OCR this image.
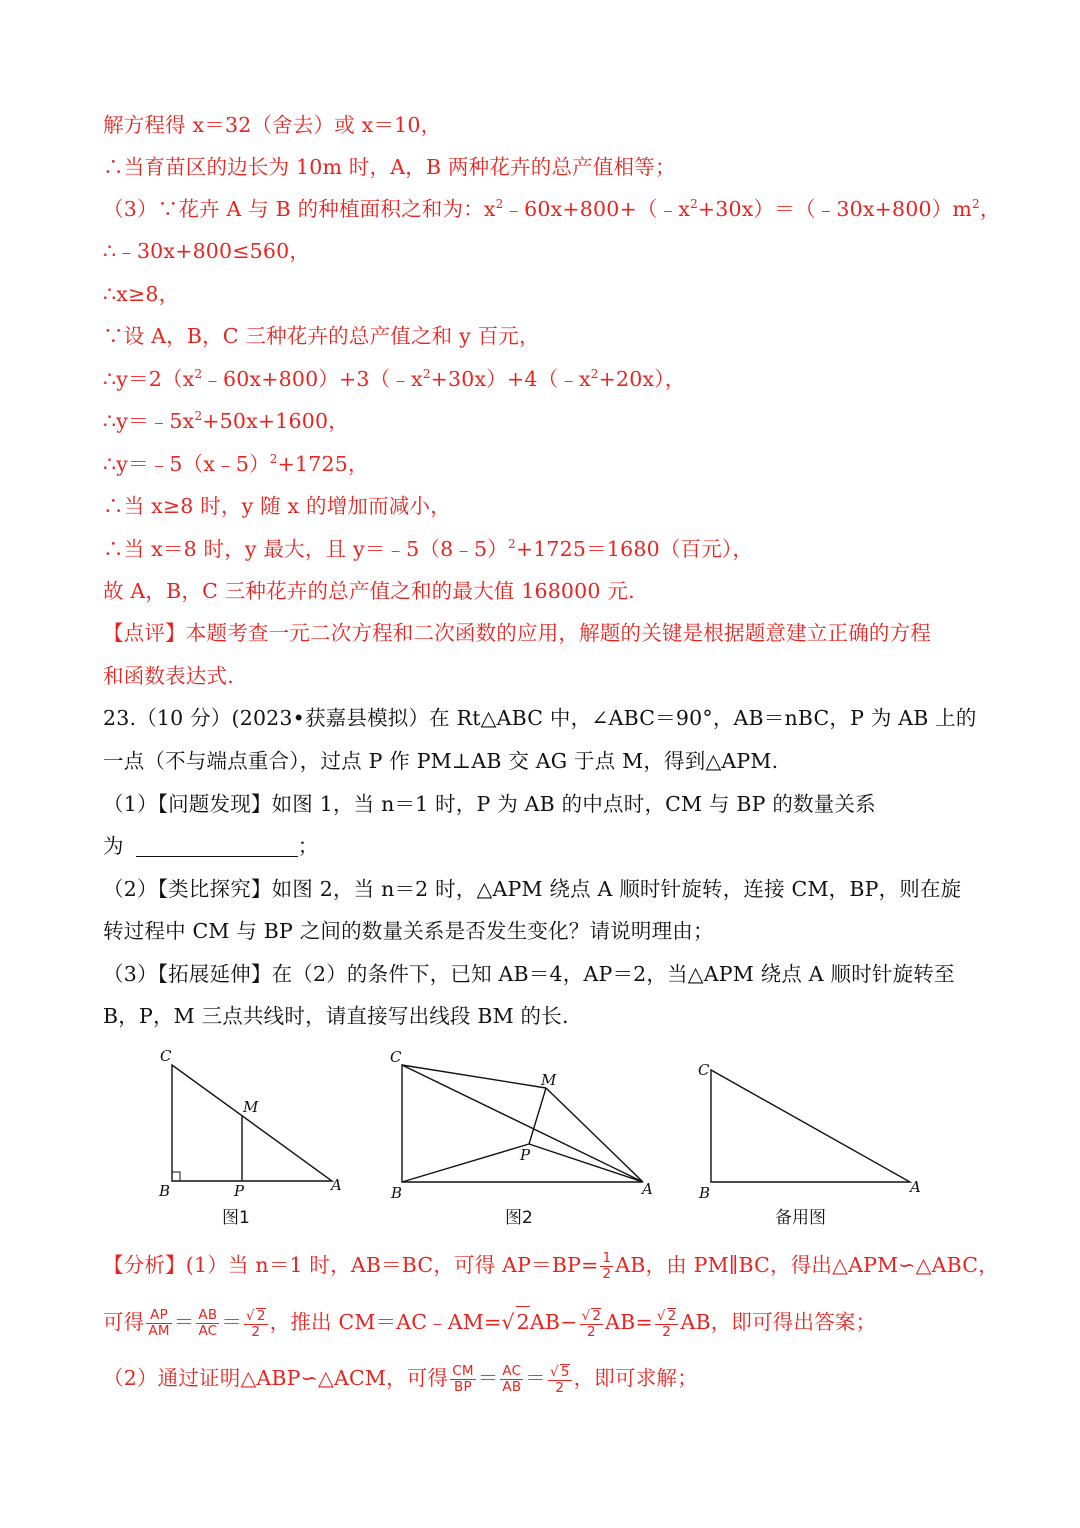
解方程得 x＝32（舍去）或 x＝10，
∴当育苗区的边长为 10m 时，A，B 两种花卉的总产值相等；
（3）∵花卉 A 与 B 的种植面积之和为：$x^2﹣60x+800+(﹣x^2+30x)=(﹣30x+800)m^2$，
∴﹣30x+800≤560，
∴x≥8，
∵设 A，B，C 三种花卉的总产值之和 y 百元，
$\therefore y=2(x^2﹣60x+800)+3(﹣x^2+30x)+4(﹣x^2+20x)$，
$\therefore y=﹣5x^2+50x+1600$，
∴y＝﹣5（x﹣5）$^2$+1725，
∴当 x≥8 时，y 随 x 的增加而减小，
∴当 x＝8 时，y 最大，且 y＝﹣5（8﹣5）$^2$+1725＝1680（百元），
故 A，B，C 三种花卉的总产值之和的最大值 168000 元.
【点评】本题考查一元二次方程和二次函数的应用，解题的关键是根据题意建立正确的方程
和函数表达式.
23.（10 分）(2023•获嘉县模拟）在 Rt△ABC 中，∠ABC＝90°，AB＝nBC，P 为 AB 上的
一点（不与端点重合），过点 P 作 PM⊥AB 交 AG 于点 M，得到△APM.
（1）【问题发现】如图 1，当 n＝1 时，P 为 AB 的中点时，CM 与 BP 的数量关系
为	；
（2）【类比探究】如图 2，当 n＝2 时，△APM 绕点 A 顺时针旋转，连接 CM，BP，则在旋
转过程中 CM 与 BP 之间的数量关系是否发生变化？请说明理由；
（3）【拓展延伸】在（2）的条件下，已知 AB＝4，AP＝2，当△APM 绕点 A 顺时针旋转至
B，P，M 三点共线时，请直接写出线段 BM 的长.
C
M
B	P	A
图1
C
M
P
B	A
图2
C
B	A
备用图
【分析】(1）当 n＝1 时，AB＝BC，可得 $AP=BP= \frac{1}{2}$ AB，由 PM∥BC，得出△APM∽△ABC，
可得 $\frac{AP}{AM} = \frac{AB}{AC} = \frac{√ 2}{2}$ ，推出 CM＝AC﹣AM=√2AB− $\frac{√ 2}{2} AB= \frac{√ 2}{2}$ AB，即可得出答案；
（2）通过证明△ABP∽△ACM，可得 $\frac{CM}{BP} = \frac{AC}{AB} = \frac{√ 5}{2}$ ，即可求解；
